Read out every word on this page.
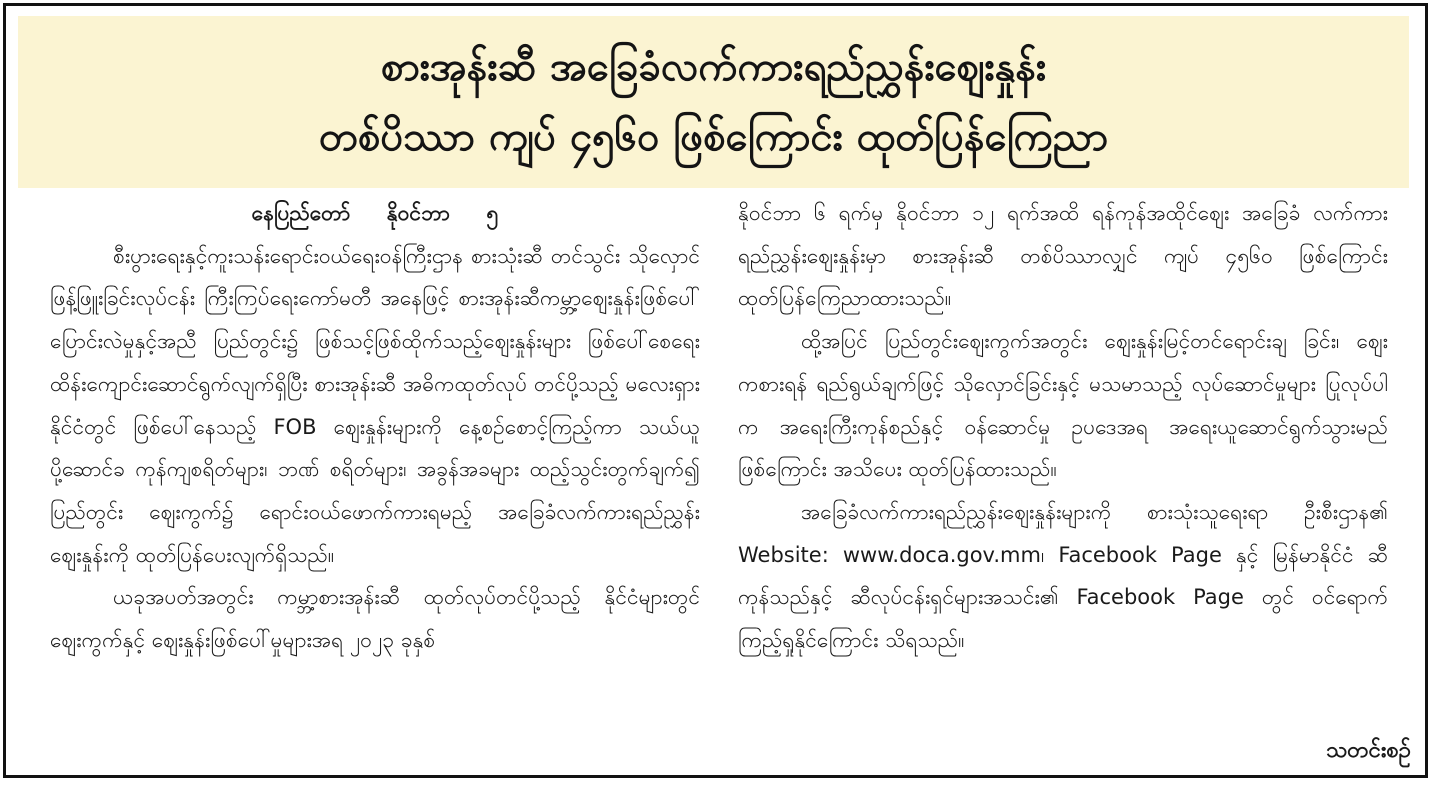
စားအုန်းဆီ အခြေခံလက်ကားရည်ညွှန်းဈေးနှုန်း
တစ်ပိဿာ ကျပ် ၄၅၆၀ ဖြစ်ကြောင်း ထုတ်ပြန်ကြေညာ
နေပြည်တော်     နိုဝင်ဘာ     ၅

စီးပွားရေးနှင့်ကူးသန်းရောင်းဝယ်ရေးဝန်ကြီးဌာန စားသုံးဆီ တင်သွင်း သိုလှောင်ဖြန့်ဖြူးခြင်းလုပ်ငန်း ကြီးကြပ်ရေးကော်မတီ အနေဖြင့် စားအုန်းဆီကမ္ဘာ့ဈေးနှုန်းဖြစ်ပေါ်ပြောင်းလဲမှုနှင့်အညီ ပြည်တွင်း၌ ဖြစ်သင့်ဖြစ်ထိုက်သည့်ဈေးနှုန်းများ ဖြစ်ပေါ်စေရေး ထိန်းကျောင်းဆောင်ရွက်လျက်ရှိပြီး စားအုန်းဆီ အဓိကထုတ်လုပ် တင်ပို့သည့် မလေးရှားနိုင်ငံတွင် ဖြစ်ပေါ်နေသည့် FOB ဈေးနှုန်းများကို နေ့စဉ်စောင့်ကြည့်ကာ သယ်ယူပို့ဆောင်ခ ကုန်ကျစရိတ်များ၊ ဘဏ် စရိတ်များ၊ အခွန်အခများ ထည့်သွင်းတွက်ချက်၍ ပြည်တွင်း ဈေးကွက်၌ ရောင်းဝယ်ဖောက်ကားရမည့် အခြေခံလက်ကားရည်ညွှန်း ဈေးနှုန်းကို ထုတ်ပြန်ပေးလျက်ရှိသည်။

ယခုအပတ်အတွင်း ကမ္ဘာ့စားအုန်းဆီ ထုတ်လုပ်တင်ပို့သည့် နိုင်ငံများတွင် ဈေးကွက်နှင့် ဈေးနှုန်းဖြစ်ပေါ်မှုများအရ ၂၀၂၃ ခုနှစ်

နိုဝင်ဘာ ၆ ရက်မှ နိုဝင်ဘာ ၁၂ ရက်အထိ ရန်ကုန်အထိုင်ဈေး အခြေခံ လက်ကားရည်ညွှန်းဈေးနှုန်းမှာ စားအုန်းဆီ တစ်ပိဿာလျှင် ကျပ် ၄၅၆၀ ဖြစ်ကြောင်း ထုတ်ပြန်ကြေညာထားသည်။

ထို့အပြင် ပြည်တွင်းဈေးကွက်အတွင်း ဈေးနှုန်းမြင့်တင်ရောင်းချ ခြင်း၊ ဈေးကစားရန် ရည်ရွယ်ချက်ဖြင့် သိုလှောင်ခြင်းနှင့် မသမာသည့် လုပ်ဆောင်မှုများ ပြုလုပ်ပါက အရေးကြီးကုန်စည်နှင့် ဝန်ဆောင်မှု ဥပဒေအရ အရေးယူဆောင်ရွက်သွားမည်ဖြစ်ကြောင်း အသိပေး ထုတ်ပြန်ထားသည်။

အခြေခံလက်ကားရည်ညွှန်းဈေးနှုန်းများကို စားသုံးသူရေးရာ ဦးစီးဌာန၏ Website: www.doca.gov.mm၊ Facebook Page နှင့် မြန်မာနိုင်ငံ ဆီကုန်သည်နှင့် ဆီလုပ်ငန်းရှင်များအသင်း၏ Facebook Page တွင် ဝင်ရောက်ကြည့်ရှုနိုင်ကြောင်း သိရသည်။

သတင်းစဉ်
